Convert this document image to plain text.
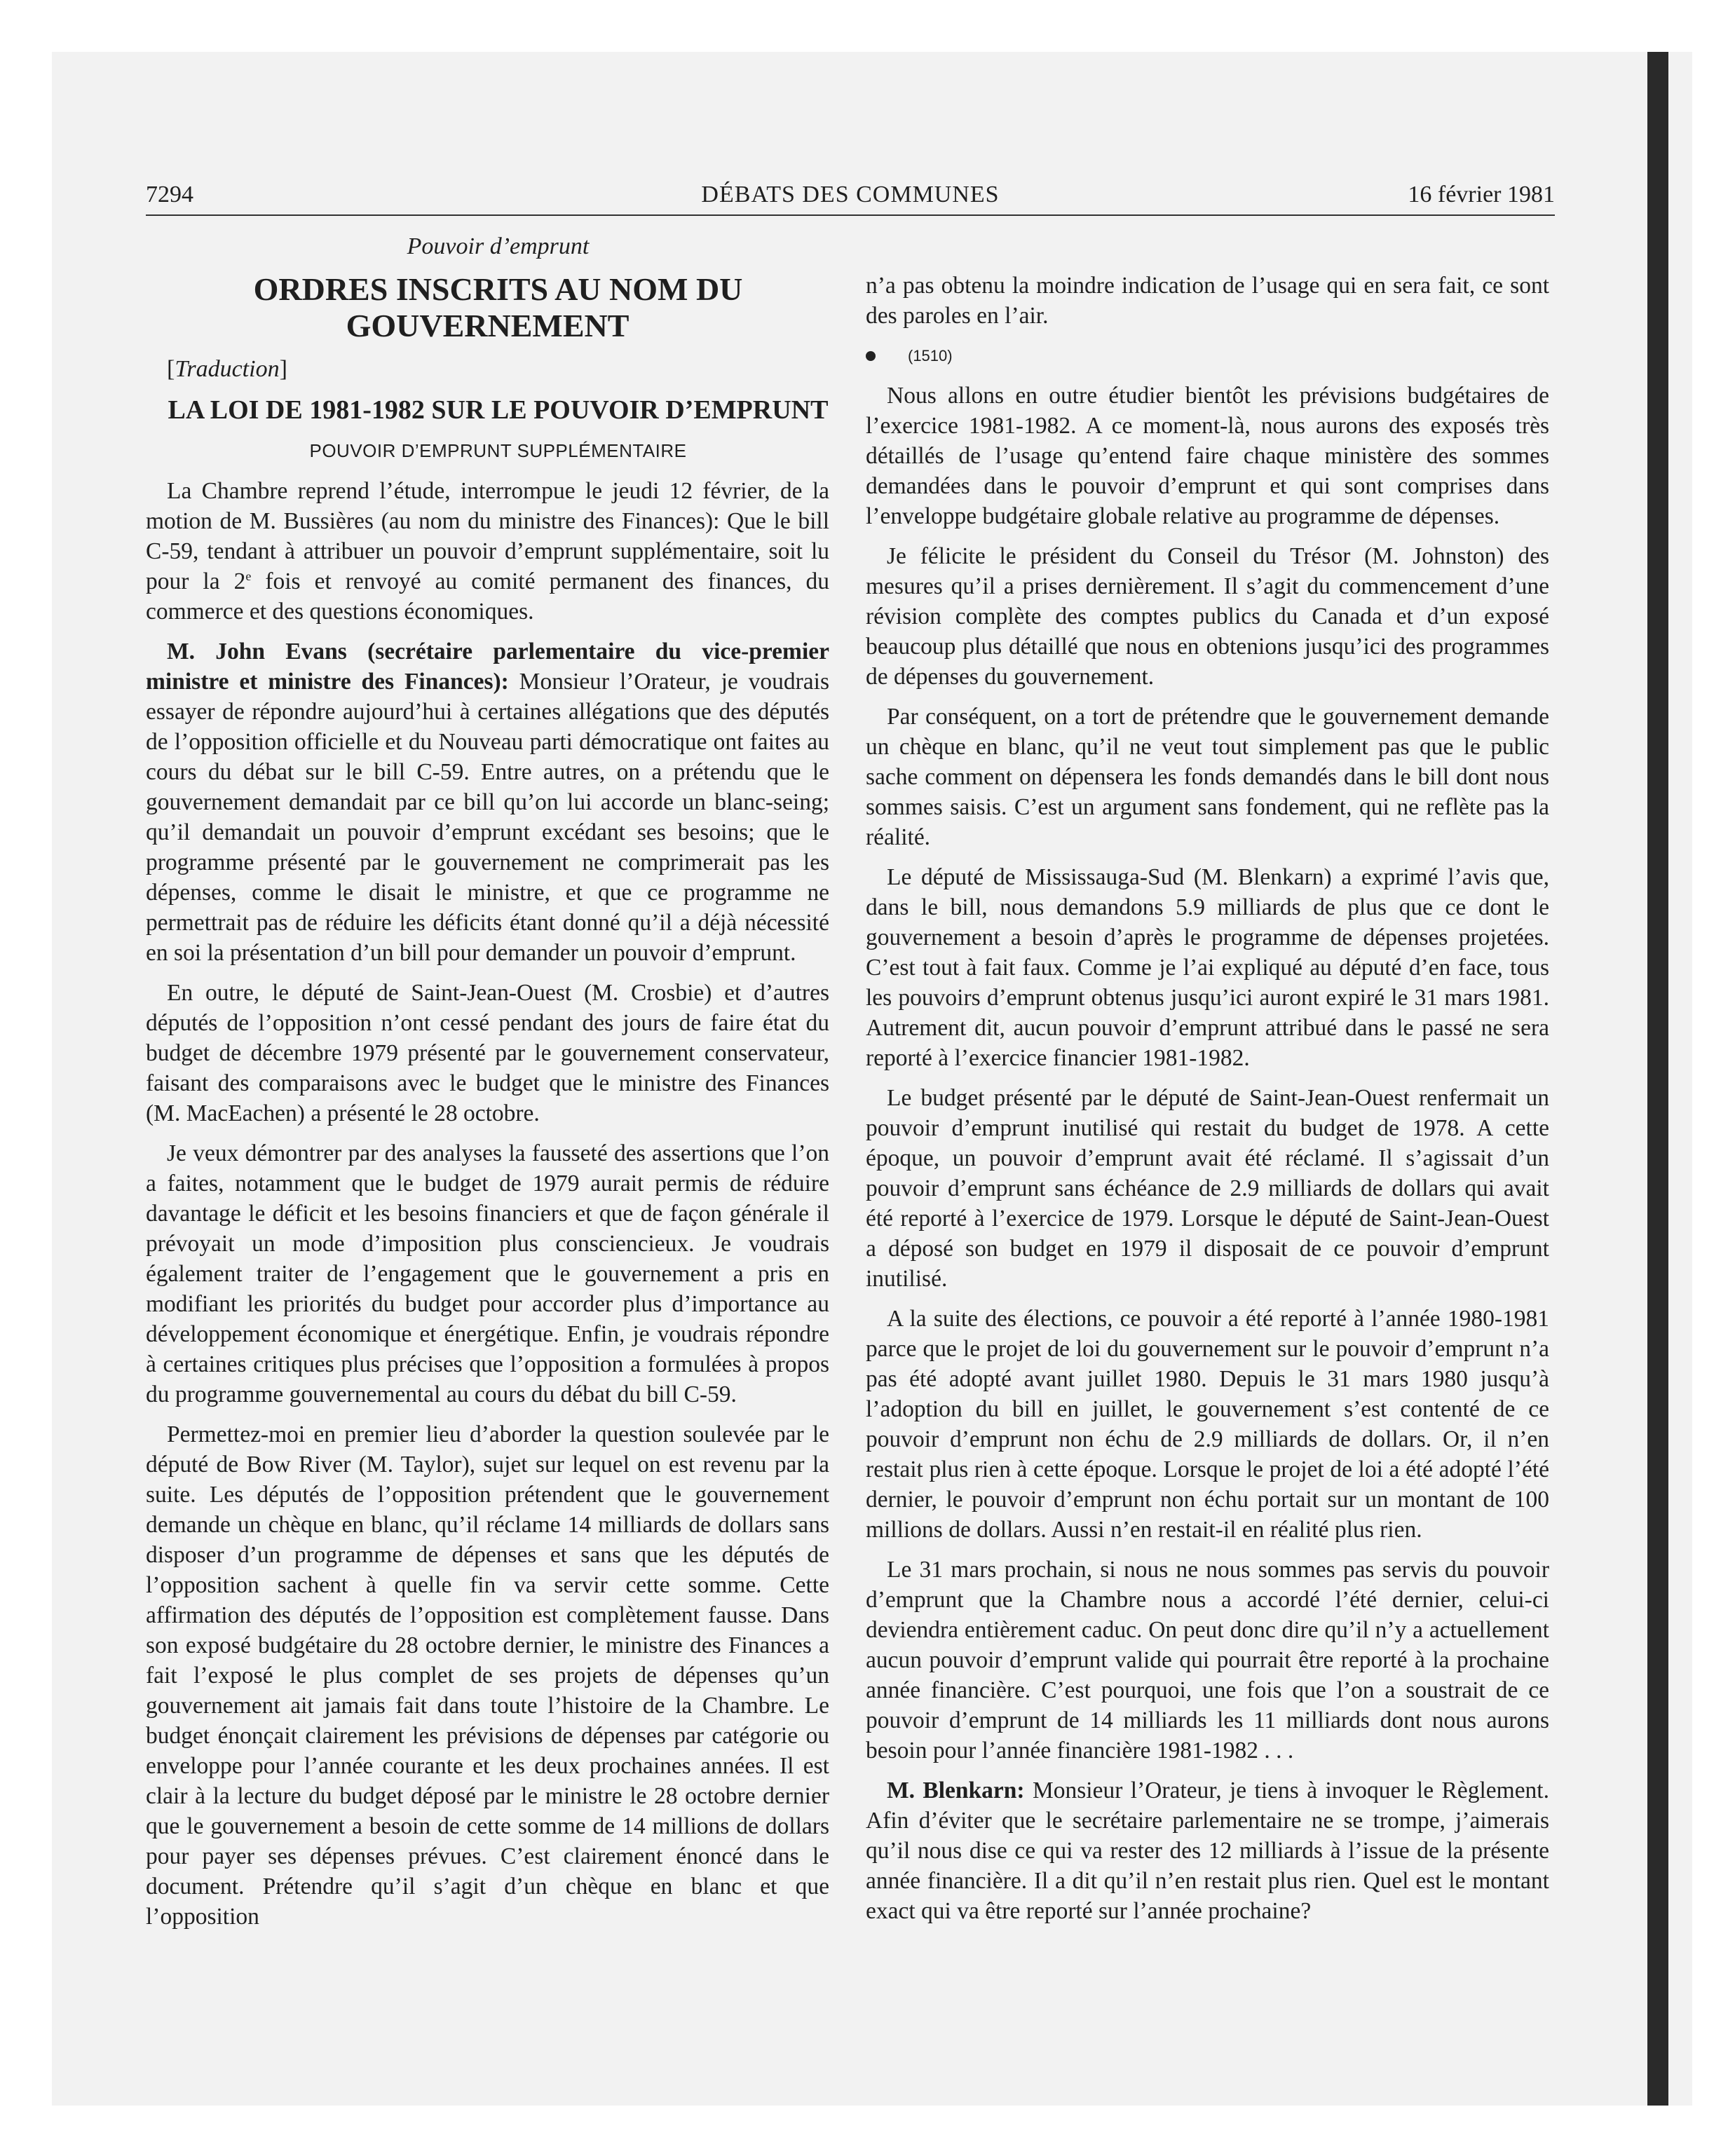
7294	DÉBATS DES COMMUNES	16 février 1981

Pouvoir d’emprunt

ORDRES INSCRITS AU NOM DU GOUVERNEMENT

[Traduction]

LA LOI DE 1981-1982 SUR LE POUVOIR D’EMPRUNT

POUVOIR D’EMPRUNT SUPPLÉMENTAIRE

La Chambre reprend l’étude, interrompue le jeudi 12 février, de la motion de M. Bussières (au nom du ministre des Finances): Que le bill C-59, tendant à attribuer un pouvoir d’emprunt supplémentaire, soit lu pour la 2e fois et renvoyé au comité permanent des finances, du commerce et des questions économiques.

M. John Evans (secrétaire parlementaire du vice-premier ministre et ministre des Finances): Monsieur l’Orateur, je voudrais essayer de répondre aujourd’hui à certaines allégations que des députés de l’opposition officielle et du Nouveau parti démocratique ont faites au cours du débat sur le bill C-59. Entre autres, on a prétendu que le gouvernement demandait par ce bill qu’on lui accorde un blanc-seing; qu’il demandait un pouvoir d’emprunt excédant ses besoins; que le programme présenté par le gouvernement ne comprimerait pas les dépenses, comme le disait le ministre, et que ce programme ne permettrait pas de réduire les déficits étant donné qu’il a déjà nécessité en soi la présentation d’un bill pour demander un pouvoir d’emprunt.

En outre, le député de Saint-Jean-Ouest (M. Crosbie) et d’autres députés de l’opposition n’ont cessé pendant des jours de faire état du budget de décembre 1979 présenté par le gouvernement conservateur, faisant des comparaisons avec le budget que le ministre des Finances (M. MacEachen) a présenté le 28 octobre.

Je veux démontrer par des analyses la fausseté des assertions que l’on a faites, notamment que le budget de 1979 aurait permis de réduire davantage le déficit et les besoins financiers et que de façon générale il prévoyait un mode d’imposition plus consciencieux. Je voudrais également traiter de l’engagement que le gouvernement a pris en modifiant les priorités du budget pour accorder plus d’importance au développement économique et énergétique. Enfin, je voudrais répondre à certaines critiques plus précises que l’opposition a formulées à propos du programme gouvernemental au cours du débat du bill C-59.

Permettez-moi en premier lieu d’aborder la question soulevée par le député de Bow River (M. Taylor), sujet sur lequel on est revenu par la suite. Les députés de l’opposition prétendent que le gouvernement demande un chèque en blanc, qu’il réclame 14 milliards de dollars sans disposer d’un programme de dépenses et sans que les députés de l’opposition sachent à quelle fin va servir cette somme. Cette affirmation des députés de l’opposition est complètement fausse. Dans son exposé budgétaire du 28 octobre dernier, le ministre des Finances a fait l’exposé le plus complet de ses projets de dépenses qu’un gouvernement ait jamais fait dans toute l’histoire de la Chambre. Le budget énonçait clairement les prévisions de dépenses par catégorie ou enveloppe pour l’année courante et les deux prochaines années. Il est clair à la lecture du budget déposé par le ministre le 28 octobre dernier que le gouvernement a besoin de cette somme de 14 millions de dollars pour payer ses dépenses prévues. C’est clairement énoncé dans le document. Prétendre qu’il s’agit d’un chèque en blanc et que l’opposition

n’a pas obtenu la moindre indication de l’usage qui en sera fait, ce sont des paroles en l’air.

(1510)

Nous allons en outre étudier bientôt les prévisions budgétaires de l’exercice 1981-1982. A ce moment-là, nous aurons des exposés très détaillés de l’usage qu’entend faire chaque ministère des sommes demandées dans le pouvoir d’emprunt et qui sont comprises dans l’enveloppe budgétaire globale relative au programme de dépenses.

Je félicite le président du Conseil du Trésor (M. Johnston) des mesures qu’il a prises dernièrement. Il s’agit du commencement d’une révision complète des comptes publics du Canada et d’un exposé beaucoup plus détaillé que nous en obtenions jusqu’ici des programmes de dépenses du gouvernement.

Par conséquent, on a tort de prétendre que le gouvernement demande un chèque en blanc, qu’il ne veut tout simplement pas que le public sache comment on dépensera les fonds demandés dans le bill dont nous sommes saisis. C’est un argument sans fondement, qui ne reflète pas la réalité.

Le député de Mississauga-Sud (M. Blenkarn) a exprimé l’avis que, dans le bill, nous demandons 5.9 milliards de plus que ce dont le gouvernement a besoin d’après le programme de dépenses projetées. C’est tout à fait faux. Comme je l’ai expliqué au député d’en face, tous les pouvoirs d’emprunt obtenus jusqu’ici auront expiré le 31 mars 1981. Autrement dit, aucun pouvoir d’emprunt attribué dans le passé ne sera reporté à l’exercice financier 1981-1982.

Le budget présenté par le député de Saint-Jean-Ouest renfermait un pouvoir d’emprunt inutilisé qui restait du budget de 1978. A cette époque, un pouvoir d’emprunt avait été réclamé. Il s’agissait d’un pouvoir d’emprunt sans échéance de 2.9 milliards de dollars qui avait été reporté à l’exercice de 1979. Lorsque le député de Saint-Jean-Ouest a déposé son budget en 1979 il disposait de ce pouvoir d’emprunt inutilisé.

A la suite des élections, ce pouvoir a été reporté à l’année 1980-1981 parce que le projet de loi du gouvernement sur le pouvoir d’emprunt n’a pas été adopté avant juillet 1980. Depuis le 31 mars 1980 jusqu’à l’adoption du bill en juillet, le gouvernement s’est contenté de ce pouvoir d’emprunt non échu de 2.9 milliards de dollars. Or, il n’en restait plus rien à cette époque. Lorsque le projet de loi a été adopté l’été dernier, le pouvoir d’emprunt non échu portait sur un montant de 100 millions de dollars. Aussi n’en restait-il en réalité plus rien.

Le 31 mars prochain, si nous ne nous sommes pas servis du pouvoir d’emprunt que la Chambre nous a accordé l’été dernier, celui-ci deviendra entièrement caduc. On peut donc dire qu’il n’y a actuellement aucun pouvoir d’emprunt valide qui pourrait être reporté à la prochaine année financière. C’est pourquoi, une fois que l’on a soustrait de ce pouvoir d’emprunt de 14 milliards les 11 milliards dont nous aurons besoin pour l’année financière 1981-1982 . . .

M. Blenkarn: Monsieur l’Orateur, je tiens à invoquer le Règlement. Afin d’éviter que le secrétaire parlementaire ne se trompe, j’aimerais qu’il nous dise ce qui va rester des 12 milliards à l’issue de la présente année financière. Il a dit qu’il n’en restait plus rien. Quel est le montant exact qui va être reporté sur l’année prochaine?
